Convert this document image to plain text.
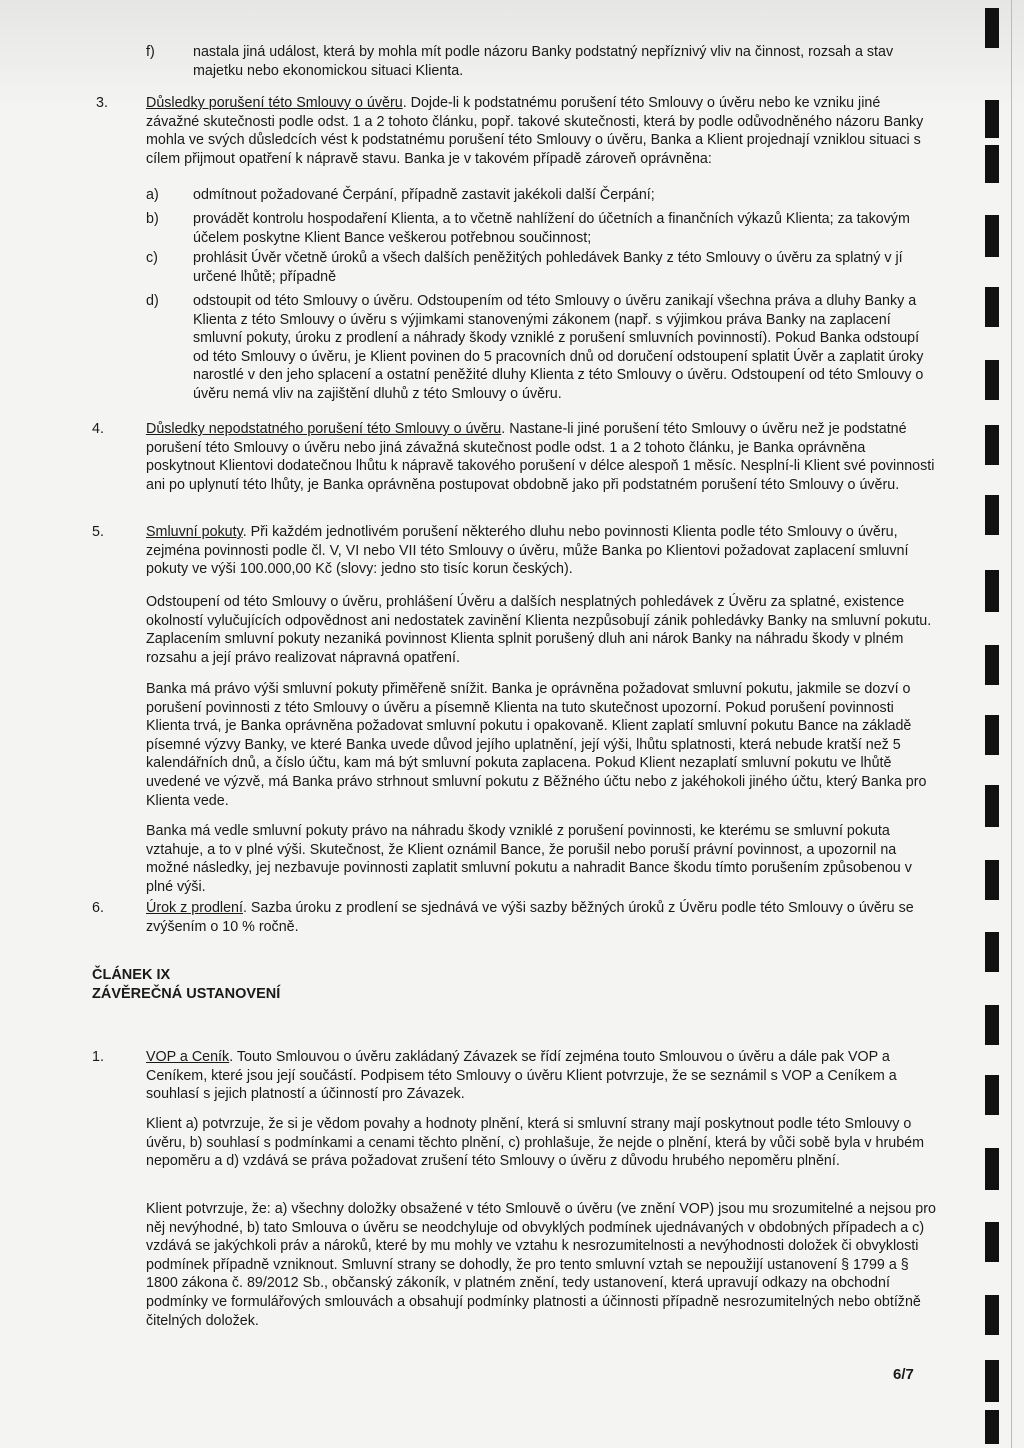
f)	nastala jiná událost, která by mohla mít podle názoru Banky podstatný nepříznivý vliv na činnost, rozsah a stav majetku nebo ekonomickou situaci Klienta.

3.	Důsledky porušení této Smlouvy o úvěru. Dojde-li k podstatnému porušení této Smlouvy o úvěru nebo ke vzniku jiné závažné skutečnosti podle odst. 1 a 2 tohoto článku, popř. takové skutečnosti, která by podle odůvodněného názoru Banky mohla ve svých důsledcích vést k podstatnému porušení této Smlouvy o úvěru, Banka a Klient projednají vzniklou situaci s cílem přijmout opatření k nápravě stavu. Banka je v takovém případě zároveň oprávněna:

a) odmítnout požadované Čerpání, případně zastavit jakékoli další Čerpání;

b) provádět kontrolu hospodaření Klienta, a to včetně nahlížení do účetních a finančních výkazů Klienta; za takovým účelem poskytne Klient Bance veškerou potřebnou součinnost;

c) prohlásit Úvěr včetně úroků a všech dalších peněžitých pohledávek Banky z této Smlouvy o úvěru za splatný v jí určené lhůtě; případně

d) odstoupit od této Smlouvy o úvěru. Odstoupením od této Smlouvy o úvěru zanikají všechna práva a dluhy Banky a Klienta z této Smlouvy o úvěru s výjimkami stanovenými zákonem (např. s výjimkou práva Banky na zaplacení smluvní pokuty, úroku z prodlení a náhrady škody vzniklé z porušení smluvních povinností). Pokud Banka odstoupí od této Smlouvy o úvěru, je Klient povinen do 5 pracovních dnů od doručení odstoupení splatit Úvěr a zaplatit úroky narostlé v den jeho splacení a ostatní peněžité dluhy Klienta z této Smlouvy o úvěru. Odstoupení od této Smlouvy o úvěru nemá vliv na zajištění dluhů z této Smlouvy o úvěru.

4.	Důsledky nepodstatného porušení této Smlouvy o úvěru. Nastane-li jiné porušení této Smlouvy o úvěru než je podstatné porušení této Smlouvy o úvěru nebo jiná závažná skutečnost podle odst. 1 a 2 tohoto článku, je Banka oprávněna poskytnout Klientovi dodatečnou lhůtu k nápravě takového porušení v délce alespoň 1 měsíc. Nesplní-li Klient své povinnosti ani po uplynutí této lhůty, je Banka oprávněna postupovat obdobně jako při podstatném porušení této Smlouvy o úvěru.

5.	Smluvní pokuty. Při každém jednotlivém porušení některého dluhu nebo povinnosti Klienta podle této Smlouvy o úvěru, zejména povinnosti podle čl. V, VI nebo VII této Smlouvy o úvěru, může Banka po Klientovi požadovat zaplacení smluvní pokuty ve výši 100.000,00 Kč (slovy: jedno sto tisíc korun českých).

Odstoupení od této Smlouvy o úvěru, prohlášení Úvěru a dalších nesplatných pohledávek z Úvěru za splatné, existence okolností vylučujících odpovědnost ani nedostatek zavinění Klienta nezpůsobují zánik pohledávky Banky na smluvní pokutu. Zaplacením smluvní pokuty nezaniká povinnost Klienta splnit porušený dluh ani nárok Banky na náhradu škody v plném rozsahu a její právo realizovat nápravná opatření.

Banka má právo výši smluvní pokuty přiměřeně snížit. Banka je oprávněna požadovat smluvní pokutu, jakmile se dozví o porušení povinnosti z této Smlouvy o úvěru a písemně Klienta na tuto skutečnost upozorní. Pokud porušení povinnosti Klienta trvá, je Banka oprávněna požadovat smluvní pokutu i opakovaně. Klient zaplatí smluvní pokutu Bance na základě písemné výzvy Banky, ve které Banka uvede důvod jejího uplatnění, její výši, lhůtu splatnosti, která nebude kratší než 5 kalendářních dnů, a číslo účtu, kam má být smluvní pokuta zaplacena. Pokud Klient nezaplatí smluvní pokutu ve lhůtě uvedené ve výzvě, má Banka právo strhnout smluvní pokutu z Běžného účtu nebo z jakéhokoli jiného účtu, který Banka pro Klienta vede.

Banka má vedle smluvní pokuty právo na náhradu škody vzniklé z porušení povinnosti, ke kterému se smluvní pokuta vztahuje, a to v plné výši. Skutečnost, že Klient oznámil Bance, že porušil nebo poruší právní povinnost, a upozornil na možné následky, jej nezbavuje povinnosti zaplatit smluvní pokutu a nahradit Bance škodu tímto porušením způsobenou v plné výši.

6.	Úrok z prodlení. Sazba úroku z prodlení se sjednává ve výši sazby běžných úroků z Úvěru podle této Smlouvy o úvěru se zvýšením o 10 % ročně.

ČLÁNEK IX
ZÁVĚREČNÁ USTANOVENÍ
1.	VOP a Ceník. Touto Smlouvou o úvěru zakládaný Závazek se řídí zejména touto Smlouvou o úvěru a dále pak VOP a Ceníkem, které jsou její součástí. Podpisem této Smlouvy o úvěru Klient potvrzuje, že se seznámil s VOP a Ceníkem a souhlasí s jejich platností a účinností pro Závazek.

Klient a) potvrzuje, že si je vědom povahy a hodnoty plnění, která si smluvní strany mají poskytnout podle této Smlouvy o úvěru, b) souhlasí s podmínkami a cenami těchto plnění, c) prohlašuje, že nejde o plnění, která by vůči sobě byla v hrubém nepoměru a d) vzdává se práva požadovat zrušení této Smlouvy o úvěru z důvodu hrubého nepoměru plnění.

Klient potvrzuje, že: a) všechny doložky obsažené v této Smlouvě o úvěru (ve znění VOP) jsou mu srozumitelné a nejsou pro něj nevýhodné, b) tato Smlouva o úvěru se neodchyluje od obvyklých podmínek ujednávaných v obdobných případech a c) vzdává se jakýchkoli práv a nároků, které by mu mohly ve vztahu k nesrozumitelnosti a nevýhodnosti doložek či obvyklosti podmínek případně vzniknout. Smluvní strany se dohodly, že pro tento smluvní vztah se nepoužijí ustanovení § 1799 a § 1800 zákona č. 89/2012 Sb., občanský zákoník, v platném znění, tedy ustanovení, která upravují odkazy na obchodní podmínky ve formulářových smlouvách a obsahují podmínky platnosti a účinnosti případně nesrozumitelných nebo obtížně čitelných doložek.

6/7
